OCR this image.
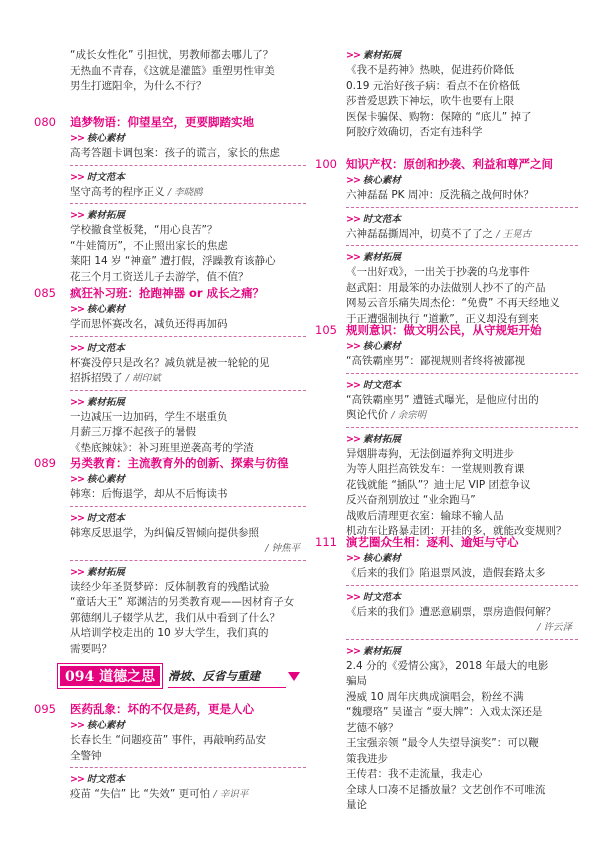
“成长女性化” 引担忧，男教师都去哪儿了？
无热血不青春，《这就是灌篮》重塑男性审美
男生打遮阳伞，为什么不行？
080 追梦物语：仰望星空，更要脚踏实地
>> 核心素材
高考答题卡调包案：孩子的谎言，家长的焦虑
>> 时文范本
坚守高考的程序正义 / 李晓鸥
>> 素材拓展
学校撤食堂板凳，“用心良苦”？
“牛娃简历”，不止照出家长的焦虑
莱阳 14 岁 “神童” 遭打假，浮躁教育该静心
花三个月工资送儿子去游学，值不值？
085 疯狂补习班：抢跑神器 or 成长之痛？
>> 核心素材
学而思怀赛改名，减负还得再加码
>> 时文范本
杯赛没停只是改名？减负就是被一轮轮的见
招拆招毁了 / 胡印斌
>> 素材拓展
一边减压一边加码，学生不堪重负
月薪三万撑不起孩子的暑假
《垫底辣妹》：补习班里逆袭高考的学渣
089 另类教育：主流教育外的创新、探索与彷徨
>> 核心素材
韩寒：后悔退学，却从不后悔读书
>> 时文范本
韩寒反思退学，为纠偏反智倾向提供参照
/ 钟焦平
>> 素材拓展
读经少年圣贤梦碎：反体制教育的残酷试验
“童话大王” 郑渊洁的另类教育观——因材育子女
郭德纲儿子辍学从艺，我们从中看到了什么？
从培训学校走出的 10 岁大学生，我们真的
需要吗？
095 医药乱象：坏的不仅是药，更是人心
>> 核心素材
长春长生 “问题疫苗” 事件，再敲响药品安
全警钟
>> 时文范本
疫苗 “失信” 比 “失效” 更可怕 / 辛识平
094 道德之思	滑坡、反省与重建
>> 素材拓展
《我不是药神》热映，促进药价降低
0.19 元治好孩子病：看点不在价格低
莎普爱思跌下神坛，吹牛也要有上限
医保卡骗保、购物：保障的 “底儿” 掉了
阿胶疗效确切，否定有违科学
100 知识产权：原创和抄袭、利益和尊严之间
>> 核心素材
六神磊磊 PK 周冲：反洗稿之战何时休？
>> 时文范本
六神磊磊撕周冲，切莫不了了之 / 王晃古
>> 素材拓展
《一出好戏》，一出关于抄袭的乌龙事件
赵武阳：用最笨的办法做别人抄不了的产品
网易云音乐痛失周杰伦：“免费” 不再天经地义
于正遭强制执行 “道歉”，正义却没有到来
105 规则意识：做文明公民，从守规矩开始
>> 核心素材
“高铁霸座男”：鄙视规则者终将被鄙视
>> 时文范本
“高铁霸座男” 遭链式曝光，是他应付出的
舆论代价 / 余宗明
>> 素材拓展
异烟肼毒狗，无法倒逼养狗文明进步
为等人阻拦高铁发车：一堂规则教育课
花钱就能 “插队”？迪士尼 VIP 团惹争议
反兴奋剂别放过 “业余跑马”
战败后清理更衣室：输球不输人品
机动车让路暴走团：开挂的多，就能改变规则？
111 演艺圈众生相：逐利、逾矩与守心
>> 核心素材
《后来的我们》陷退票风波，造假套路太多
>> 时文范本
《后来的我们》遭恶意刷票，票房造假何解？
/ 许云泽
>> 素材拓展
2.4 分的《爱情公寓》，2018 年最大的电影
骗局
漫威 10 周年庆典成演唱会，粉丝不满
“魏璎珞” 吴谨言 “耍大牌”：入戏太深还是
艺德不够？
王宝强亲领 “最令人失望导演奖”：可以鞭
策我进步
王传君：我不走流量，我走心
全球人口凑不足播放量？文艺创作不可唯流
量论
